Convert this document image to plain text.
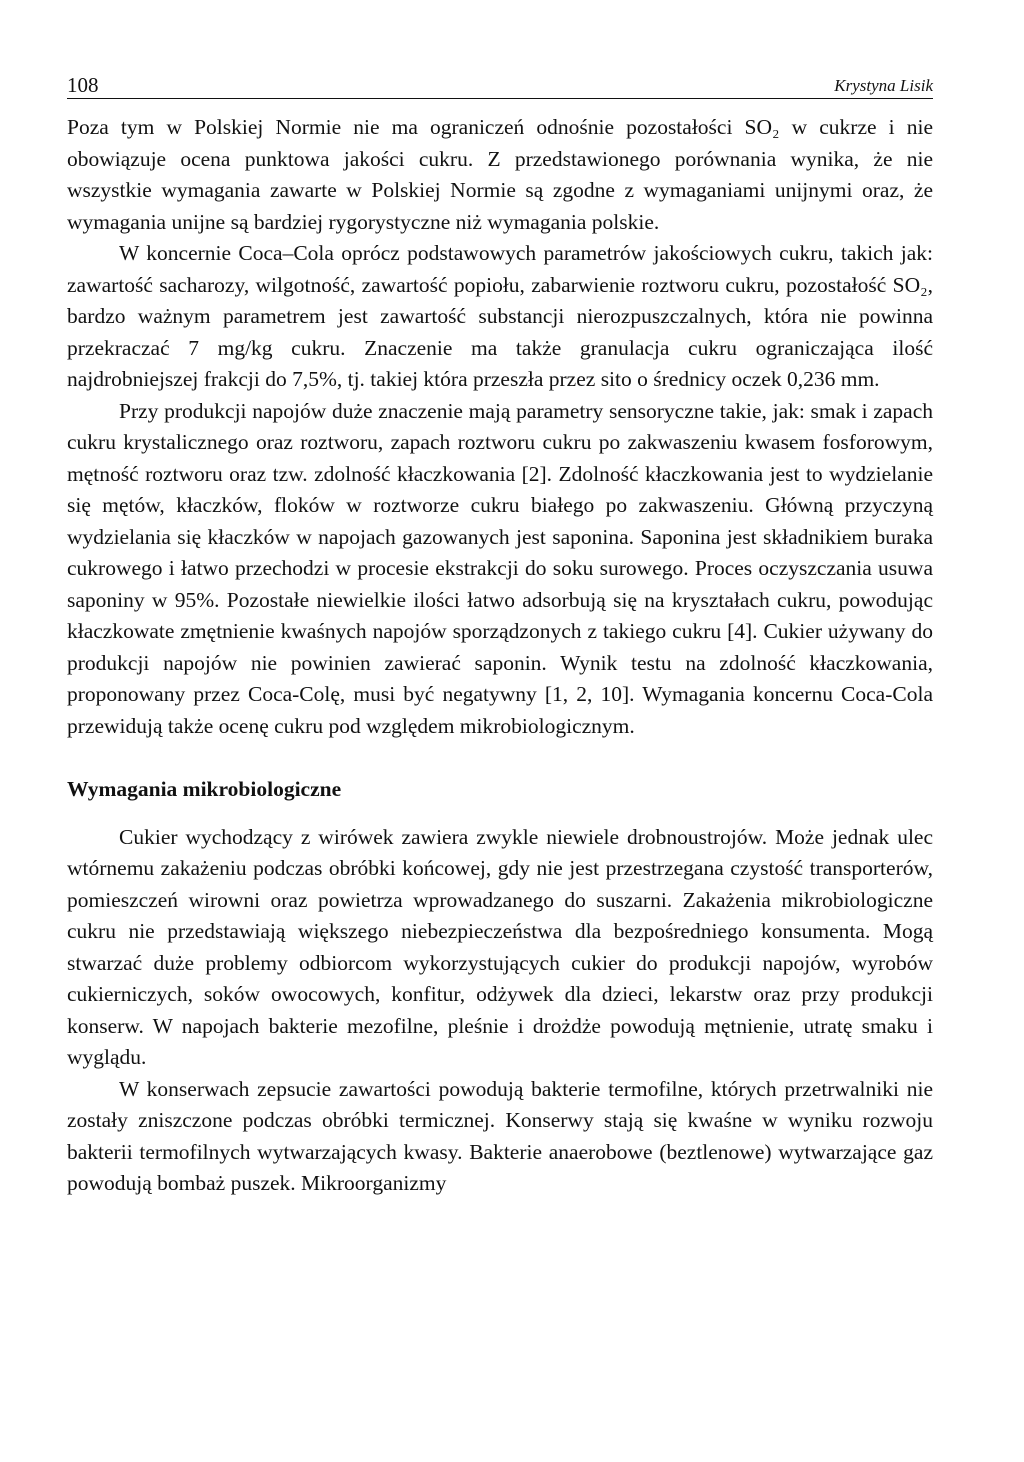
108	Krystyna Lisik

Poza tym w Polskiej Normie nie ma ograniczeń odnośnie pozostałości SO₂ w cukrze i nie obowiązuje ocena punktowa jakości cukru. Z przedstawionego porównania wynika, że nie wszystkie wymagania zawarte w Polskiej Normie są zgodne z wymaganiami unijnymi oraz, że wymagania unijne są bardziej rygorystyczne niż wymagania polskie.

W koncernie Coca–Cola oprócz podstawowych parametrów jakościowych cukru, takich jak: zawartość sacharozy, wilgotność, zawartość popiołu, zabarwienie roztworu cukru, pozostałość SO₂, bardzo ważnym parametrem jest zawartość substancji nierozpuszczalnych, która nie powinna przekraczać 7 mg/kg cukru. Znaczenie ma także granulacja cukru ograniczająca ilość najdrobniejszej frakcji do 7,5%, tj. takiej która przeszła przez sito o średnicy oczek 0,236 mm.

Przy produkcji napojów duże znaczenie mają parametry sensoryczne takie, jak: smak i zapach cukru krystalicznego oraz roztworu, zapach roztworu cukru po zakwaszeniu kwasem fosforowym, mętność roztworu oraz tzw. zdolność kłaczkowania [2]. Zdolność kłaczkowania jest to wydzielanie się mętów, kłaczków, floków w roztworze cukru białego po zakwaszeniu. Główną przyczyną wydzielania się kłaczków w napojach gazowanych jest saponina. Saponina jest składnikiem buraka cukrowego i łatwo przechodzi w procesie ekstrakcji do soku surowego. Proces oczyszczania usuwa saponiny w 95%. Pozostałe niewielkie ilości łatwo adsorbują się na kryształach cukru, powodując kłaczkowate zmętnienie kwaśnych napojów sporządzonych z takiego cukru [4]. Cukier używany do produkcji napojów nie powinien zawierać saponin. Wynik testu na zdolność kłaczkowania, proponowany przez Coca-Colę, musi być negatywny [1, 2, 10]. Wymagania koncernu Coca-Cola przewidują także ocenę cukru pod względem mikrobiologicznym.

Wymagania mikrobiologiczne

Cukier wychodzący z wirówek zawiera zwykle niewiele drobnoustrojów. Może jednak ulec wtórnemu zakażeniu podczas obróbki końcowej, gdy nie jest przestrzegana czystość transporterów, pomieszczeń wirowni oraz powietrza wprowadzanego do suszarni. Zakażenia mikrobiologiczne cukru nie przedstawiają większego niebezpieczeństwa dla bezpośredniego konsumenta. Mogą stwarzać duże problemy odbiorcom wykorzystujących cukier do produkcji napojów, wyrobów cukierniczych, soków owocowych, konfitur, odżywek dla dzieci, lekarstw oraz przy produkcji konserw. W napojach bakterie mezofilne, pleśnie i drożdże powodują mętnienie, utratę smaku i wyglądu.

W konserwach zepsucie zawartości powodują bakterie termofilne, których przetrwalniki nie zostały zniszczone podczas obróbki termicznej. Konserwy stają się kwaśne w wyniku rozwoju bakterii termofilnych wytwarzających kwasy. Bakterie anaerobowe (beztlenowe) wytwarzające gaz powodują bombaż puszek. Mikroorganizmy
